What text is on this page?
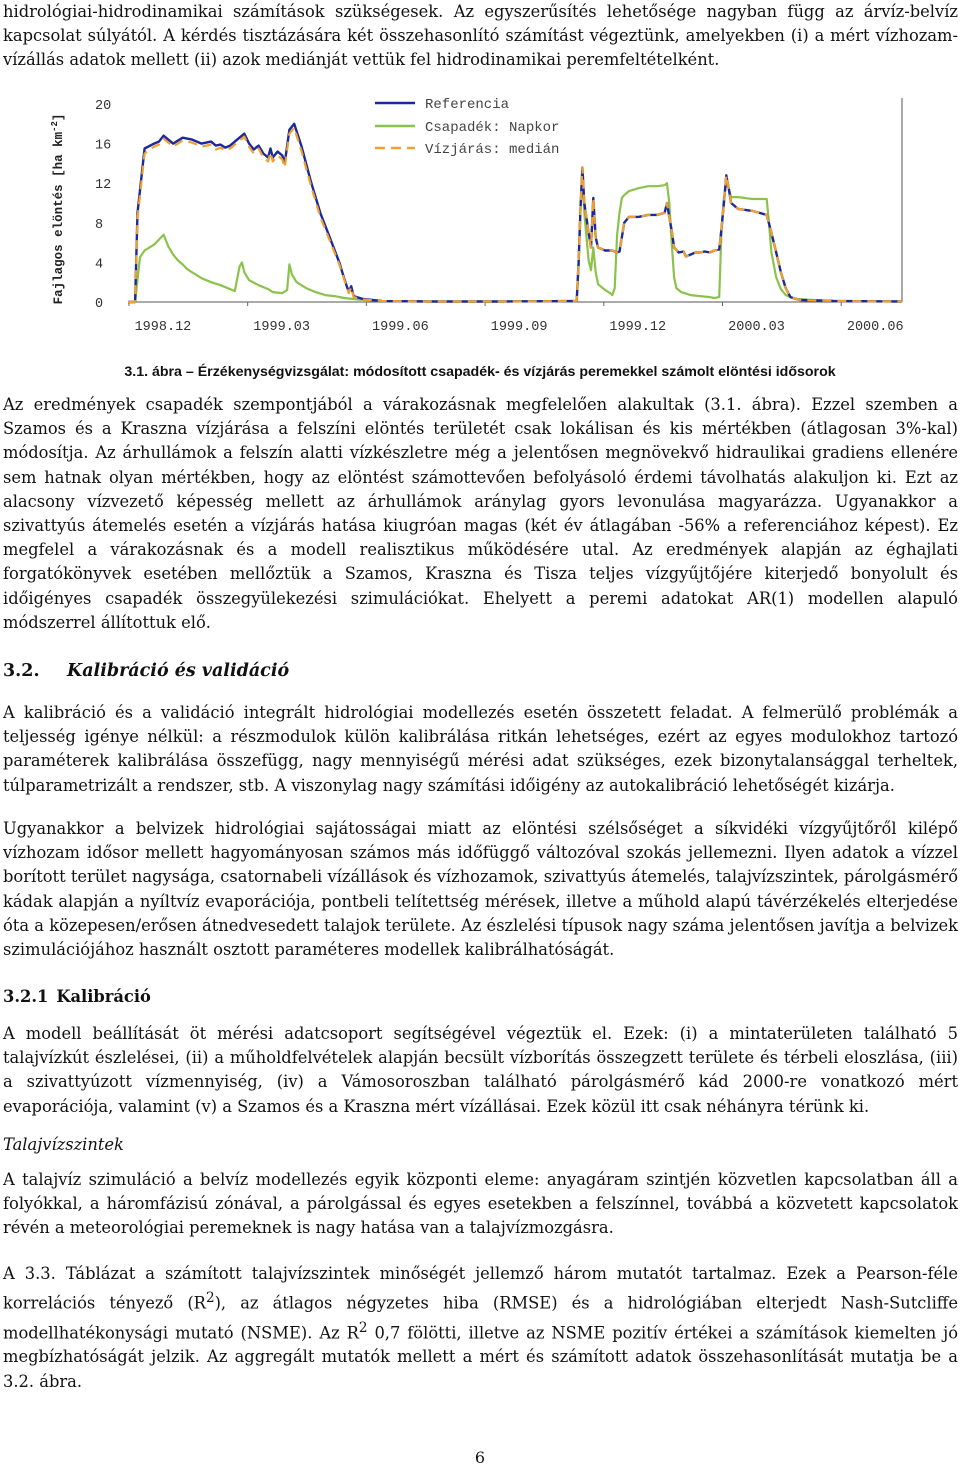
hidrológiai-hidrodinamikai számítások szükségesek. Az egyszerűsítés lehetősége nagyban függ az árvíz-belvíz kapcsolat súlyától. A kérdés tisztázására két összehasonlító számítást végeztünk, amelyekben (i) a mért vízhozam-vízállás adatok mellett (ii) azok mediánját vettük fel hidrodinamikai peremfeltételként.

0
4
8
12
16
20
1998.12	1999.03	1999.06	1999.09	1999.12	2000.03	2000.06
Referencia
Csapadék: Napkor
Vízjárás: medián
Fajlagos elöntés [ha $km^{-2}$]

3.1. ábra – Érzékenységvizsgálat: módosított csapadék- és vízjárás peremekkel számolt elöntési idősorok

Az eredmények csapadék szempontjából a várakozásnak megfelelően alakultak (3.1. ábra). Ezzel szemben a Szamos és a Kraszna vízjárása a felszíni elöntés területét csak lokálisan és kis mértékben (átlagosan 3%-kal) módosítja. Az árhullámok a felszín alatti vízkészletre még a jelentősen megnövekvő hidraulikai gradiens ellenére sem hatnak olyan mértékben, hogy az elöntést számottevően befolyásoló érdemi távolhatás alakuljon ki. Ezt az alacsony vízvezető képesség mellett az árhullámok aránylag gyors levonulása magyarázza. Ugyanakkor a szivattyús átemelés esetén a vízjárás hatása kiugróan magas (két év átlagában -56% a referenciához képest). Ez megfelel a várakozásnak és a modell realisztikus működésére utal. Az eredmények alapján az éghajlati forgatókönyvek esetében mellőztük a Szamos, Kraszna és Tisza teljes vízgyűjtőjére kiterjedő bonyolult és időigényes csapadék összegyülekezési szimulációkat. Ehelyett a peremi adatokat AR(1) modellen alapuló módszerrel állítottuk elő.

3.2. Kalibráció és validáció

A kalibráció és a validáció integrált hidrológiai modellezés esetén összetett feladat. A felmerülő problémák a teljesség igénye nélkül: a részmodulok külön kalibrálása ritkán lehetséges, ezért az egyes modulokhoz tartozó paraméterek kalibrálása összefügg, nagy mennyiségű mérési adat szükséges, ezek bizonytalansággal terheltek, túlparametrizált a rendszer, stb. A viszonylag nagy számítási időigény az autokalibráció lehetőségét kizárja.

Ugyanakkor a belvizek hidrológiai sajátosságai miatt az elöntési szélsőséget a síkvidéki vízgyűjtőről kilépő vízhozam idősor mellett hagyományosan számos más időfüggő változóval szokás jellemezni. Ilyen adatok a vízzel borított terület nagysága, csatornabeli vízállások és vízhozamok, szivattyús átemelés, talajvízszintek, párolgásmérő kádak alapján a nyíltvíz evaporációja, pontbeli telítettség mérések, illetve a műhold alapú távérzékelés elterjedése óta a közepesen/erősen átnedvesedett talajok területe. Az észlelési típusok nagy száma jelentősen javítja a belvizek szimulációjához használt osztott paraméteres modellek kalibrálhatóságát.

3.2.1 Kalibráció

A modell beállítását öt mérési adatcsoport segítségével végeztük el. Ezek: (i) a mintaterületen található 5 talajvízkút észlelései, (ii) a műholdfelvételek alapján becsült vízborítás összegzett területe és térbeli eloszlása, (iii) a szivattyúzott vízmennyiség, (iv) a Vámosoroszban található párolgásmérő kád 2000-re vonatkozó mért evaporációja, valamint (v) a Szamos és a Kraszna mért vízállásai. Ezek közül itt csak néhányra térünk ki.

Talajvízszintek

A talajvíz szimuláció a belvíz modellezés egyik központi eleme: anyagáram szintjén közvetlen kapcsolatban áll a folyókkal, a háromfázisú zónával, a párolgással és egyes esetekben a felszínnel, továbbá a közvetett kapcsolatok révén a meteorológiai peremeknek is nagy hatása van a talajvízmozgásra.

A 3.3. Táblázat a számított talajvízszintek minőségét jellemző három mutatót tartalmaz. Ezek a Pearson-féle korrelációs tényező $(R^2)$, az átlagos négyzetes hiba (RMSE) és a hidrológiában elterjedt Nash-Sutcliffe modellhatékonysági mutató (NSME). Az $R^2$ 0,7 fölötti, illetve az NSME pozitív értékei a számítások kiemelten jó megbízhatóságát jelzik. Az aggregált mutatók mellett a mért és számított adatok összehasonlítását mutatja be a 3.2. ábra.

6
